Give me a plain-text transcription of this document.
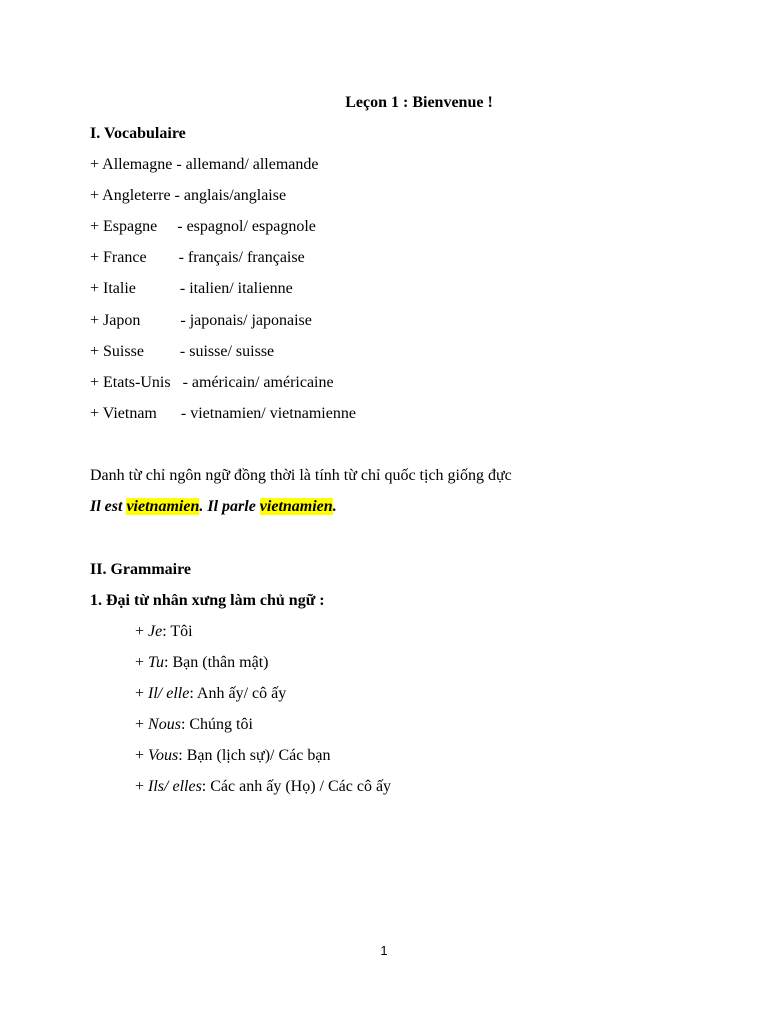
Leçon 1 : Bienvenue !
I. Vocabulaire
+ Allemagne - allemand/ allemande
+ Angleterre - anglais/anglaise
+ Espagne     - espagnol/ espagnole
+ France        - français/ française
+ Italie           - italien/ italienne
+ Japon          - japonais/ japonaise
+ Suisse         - suisse/ suisse
+ Etats-Unis   - américain/ américaine
+ Vietnam      - vietnamien/ vietnamienne
Danh từ chỉ ngôn ngữ đồng thời là tính từ chỉ quốc tịch giống đực
Il est vietnamien. Il parle vietnamien.
II. Grammaire
1. Đại từ nhân xưng làm chủ ngữ :
+ Je: Tôi
+ Tu: Bạn (thân mật)
+ Il/ elle: Anh ấy/ cô ấy
+ Nous: Chúng tôi
+ Vous: Bạn (lịch sự)/ Các bạn
+ Ils/ elles: Các anh ấy (Họ) / Các cô ấy
1
